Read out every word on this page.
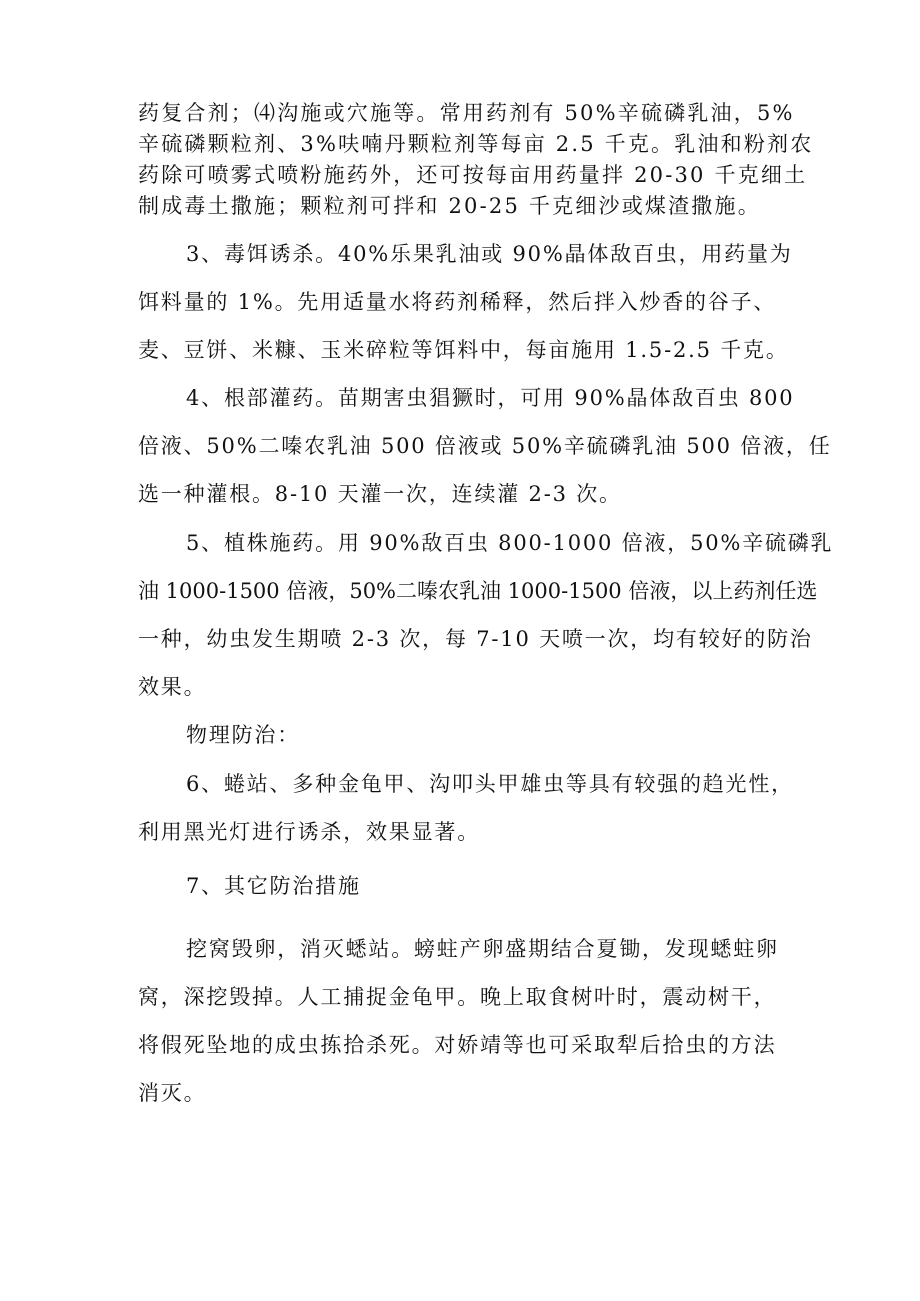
药复合剂；⑷沟施或穴施等。常用药剂有 50%辛硫磷乳油，5%
辛硫磷颗粒剂、3%呋喃丹颗粒剂等每亩 2.5 千克。乳油和粉剂农
药除可喷雾式喷粉施药外，还可按每亩用药量拌 20-30 千克细土
制成毒土撒施；颗粒剂可拌和 20-25 千克细沙或煤渣撒施。
3、毒饵诱杀。40%乐果乳油或 90%晶体敌百虫，用药量为
饵料量的 1%。先用适量水将药剂稀释，然后拌入炒香的谷子、
麦、豆饼、米糠、玉米碎粒等饵料中，每亩施用 1.5-2.5 千克。
4、根部灌药。苗期害虫猖獗时，可用 90%晶体敌百虫 800
倍液、50%二嗪农乳油 500 倍液或 50%辛硫磷乳油 500 倍液，任
选一种灌根。8-10 天灌一次，连续灌 2-3 次。
5、植株施药。用 90%敌百虫 800-1000 倍液，50%辛硫磷乳
油 1000-1500 倍液，50%二嗪农乳油 1000-1500 倍液，以上药剂任选
一种，幼虫发生期喷 2-3 次，每 7-10 天喷一次，均有较好的防治
效果。
物理防治：
6、蜷站、多种金龟甲、沟叩头甲雄虫等具有较强的趋光性，
利用黑光灯进行诱杀，效果显著。
7、其它防治措施
挖窝毁卵，消灭蟋站。螃蛀产卵盛期结合夏锄，发现蟋蛀卵
窝，深挖毁掉。人工捕捉金龟甲。晚上取食树叶时，震动树干，
将假死坠地的成虫拣拾杀死。对娇靖等也可采取犁后拾虫的方法
消灭。
